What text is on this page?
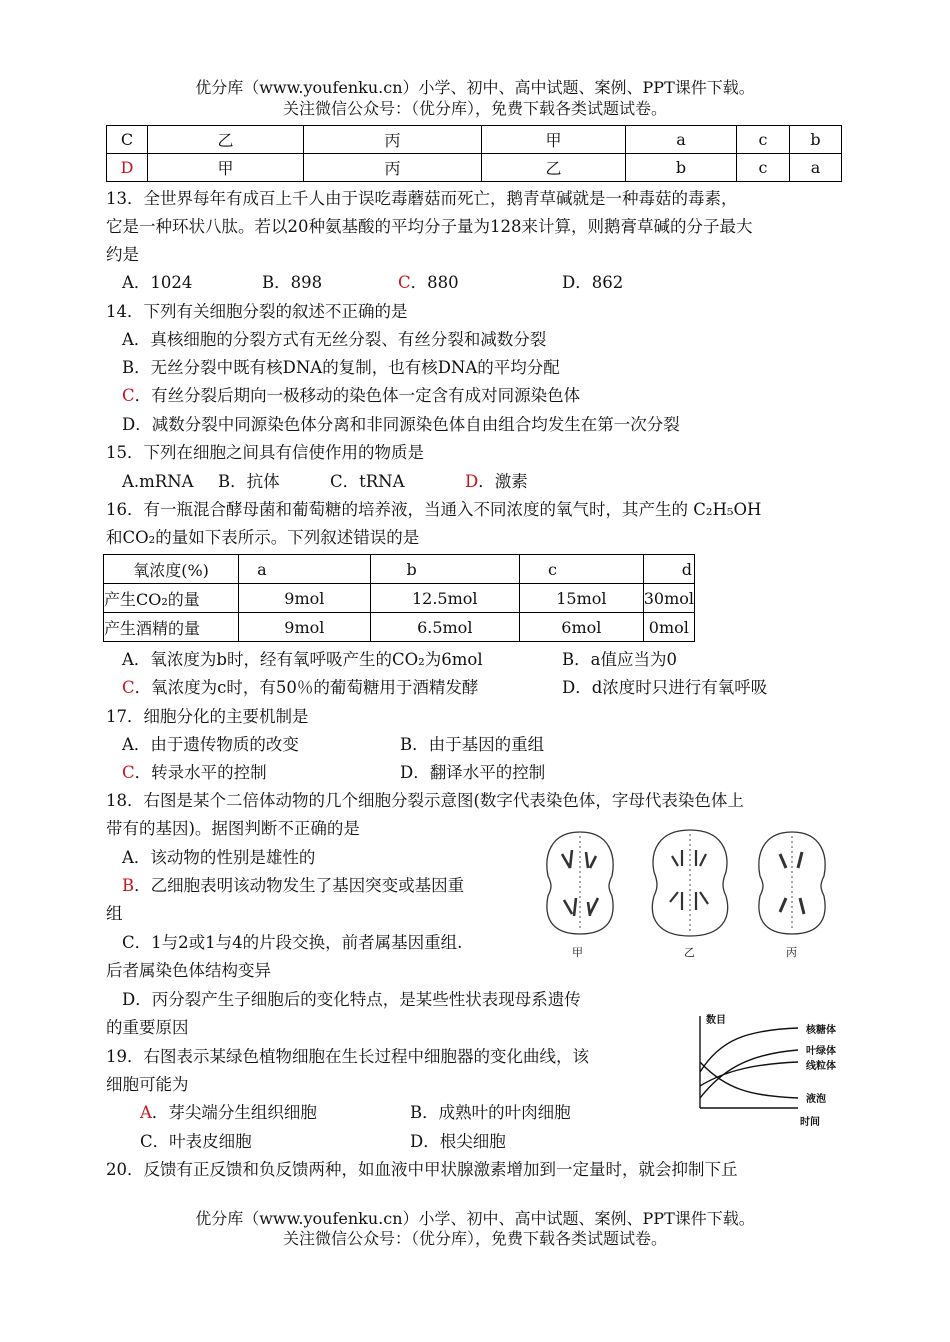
优分库（www.youfenku.cn）小学、初中、高中试题、案例、PPT课件下载。
关注微信公众号：（优分库），免费下载各类试题试卷。
C	乙	丙	甲	a	c	b
D	甲	丙	乙	b	c	a
13．全世界每年有成百上千人由于误吃毒蘑菇而死亡，鹅青草碱就是一种毒菇的毒素，
它是一种环状八肽。若以20种氨基酸的平均分子量为128来计算，则鹅膏草碱的分子最大
约是
A．1024	B．898	C．880	D．862
14．下列有关细胞分裂的叙述不正确的是
A．真核细胞的分裂方式有无丝分裂、有丝分裂和减数分裂
B．无丝分裂中既有核DNA的复制，也有核DNA的平均分配
C．有丝分裂后期向一极移动的染色体一定含有成对同源染色体
D．减数分裂中同源染色体分离和非同源染色体自由组合均发生在第一次分裂
15．下列在细胞之间具有信使作用的物质是
A.mRNA B．抗体	C．tRNA	D．激素
16．有一瓶混合酵母菌和葡萄糖的培养液，当通入不同浓度的氧气时，其产生的 C₂H₅OH
和CO₂的量如下表所示。下列叙述错误的是
氧浓度(%)	a	b	c	d
产生CO₂的量	9mol	12.5mol	15mol	30mol
产生酒精的量	9mol	6.5mol	6mol	0mol
A．氧浓度为b时，经有氧呼吸产生的CO₂为6mol	B．a值应当为0
C．氧浓度为c时，有50％的葡萄糖用于酒精发酵	D．d浓度时只进行有氧呼吸
17．细胞分化的主要机制是
A．由于遗传物质的改变	B．由于基因的重组
C．转录水平的控制	D．翻译水平的控制
18．右图是某个二倍体动物的几个细胞分裂示意图(数字代表染色体，字母代表染色体上
带有的基因)。据图判断不正确的是
A．该动物的性别是雄性的
B．乙细胞表明该动物发生了基因突变或基因重
组
C．1与2或1与4的片段交换，前者属基因重组.
后者属染色体结构变异
D．丙分裂产生子细胞后的变化特点，是某些性状表现母系遗传
的重要原因
甲	乙	丙
数目
核糖体
叶绿体
线粒体
液泡
时间
19．右图表示某绿色植物细胞在生长过程中细胞器的变化曲线，该
细胞可能为
A．芽尖端分生组织细胞	B．成熟叶的叶肉细胞
C．叶表皮细胞	D．根尖细胞
20．反馈有正反馈和负反馈两种，如血液中甲状腺激素增加到一定量时，就会抑制下丘
优分库（www.youfenku.cn）小学、初中、高中试题、案例、PPT课件下载。
关注微信公众号：（优分库），免费下载各类试题试卷。
